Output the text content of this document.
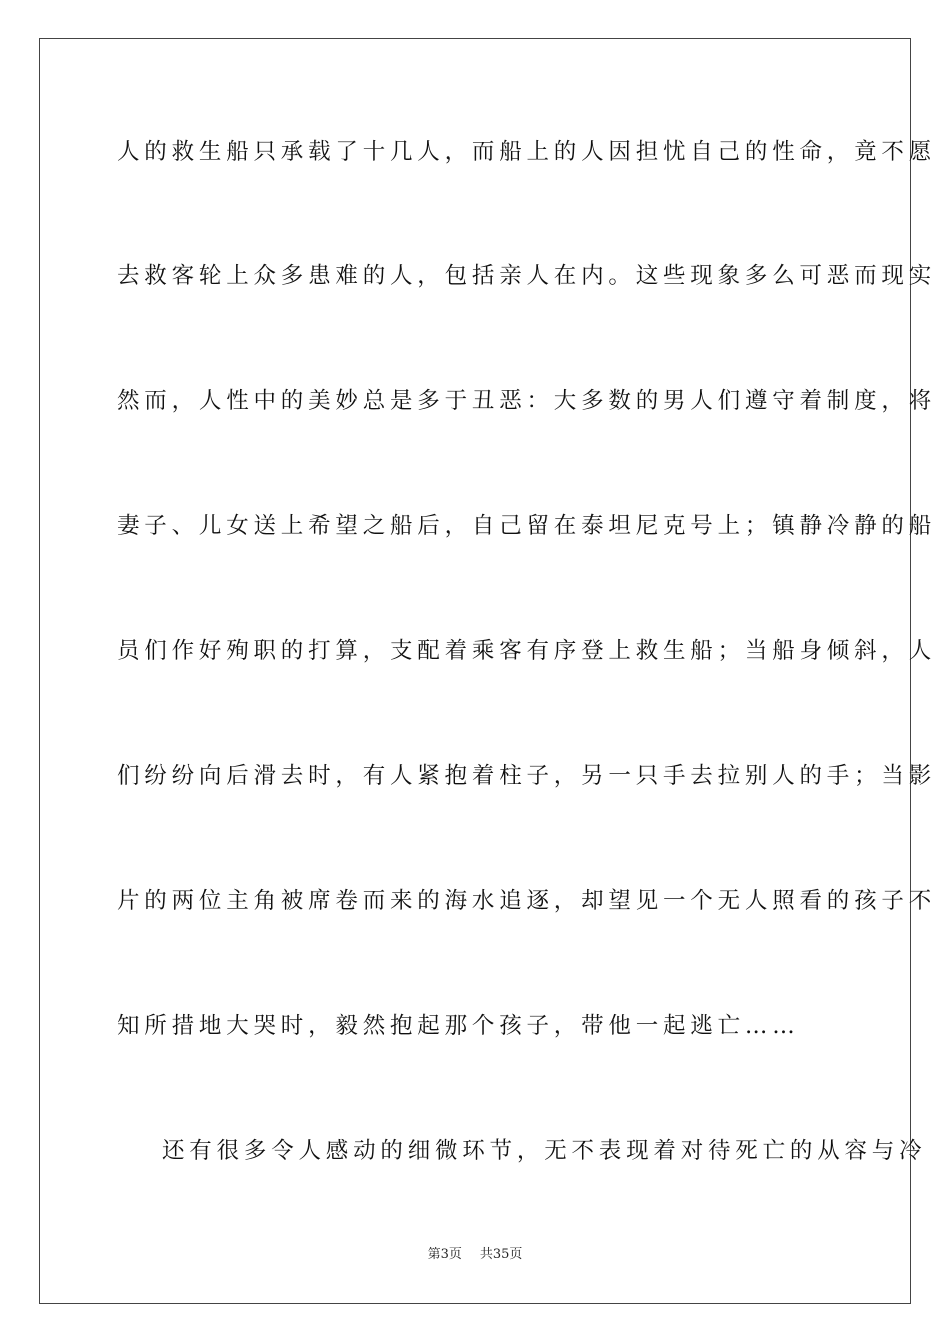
人的救生船只承载了十几人，而船上的人因担忧自己的性命，竟不愿
去救客轮上众多患难的人，包括亲人在内。这些现象多么可恶而现实
然而，人性中的美妙总是多于丑恶：大多数的男人们遵守着制度，将
妻子、儿女送上希望之船后，自己留在泰坦尼克号上；镇静冷静的船
员们作好殉职的打算，支配着乘客有序登上救生船；当船身倾斜，人
们纷纷向后滑去时，有人紧抱着柱子，另一只手去拉别人的手；当影
片的两位主角被席卷而来的海水追逐，却望见一个无人照看的孩子不
知所措地大哭时，毅然抱起那个孩子，带他一起逃亡……
还有很多令人感动的细微环节，无不表现着对待死亡的从容与冷
第3页 共35页
